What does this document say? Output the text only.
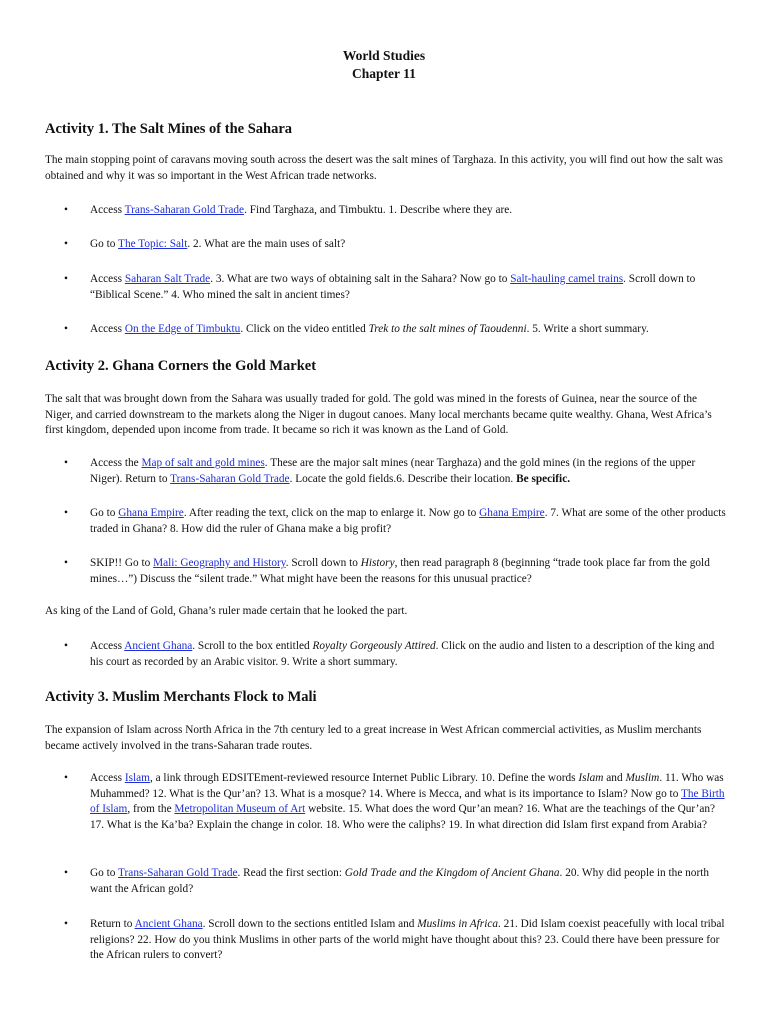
World Studies
Chapter 11
Activity 1. The Salt Mines of the Sahara
The main stopping point of caravans moving south across the desert was the salt mines of Targhaza. In this activity, you will find out how the salt was obtained and why it was so important in the West African trade networks.
• Access Trans-Saharan Gold Trade. Find Targhaza, and Timbuktu. 1. Describe where they are.
• Go to The Topic: Salt. 2. What are the main uses of salt?
• Access Saharan Salt Trade. 3. What are two ways of obtaining salt in the Sahara? Now go to Salt-hauling camel trains. Scroll down to “Biblical Scene.” 4. Who mined the salt in ancient times?
• Access On the Edge of Timbuktu. Click on the video entitled Trek to the salt mines of Taoudenni. 5. Write a short summary.
Activity 2. Ghana Corners the Gold Market
The salt that was brought down from the Sahara was usually traded for gold. The gold was mined in the forests of Guinea, near the source of the Niger, and carried downstream to the markets along the Niger in dugout canoes. Many local merchants became quite wealthy. Ghana, West Africa’s first kingdom, depended upon income from trade. It became so rich it was known as the Land of Gold.
• Access the Map of salt and gold mines. These are the major salt mines (near Targhaza) and the gold mines (in the regions of the upper Niger). Return to Trans-Saharan Gold Trade. Locate the gold fields.6. Describe their location. Be specific.
• Go to Ghana Empire. After reading the text, click on the map to enlarge it. Now go to Ghana Empire. 7. What are some of the other products traded in Ghana? 8. How did the ruler of Ghana make a big profit?
• SKIP!! Go to Mali: Geography and History. Scroll down to History, then read paragraph 8 (beginning “trade took place far from the gold mines…”) Discuss the “silent trade.” What might have been the reasons for this unusual practice?
As king of the Land of Gold, Ghana’s ruler made certain that he looked the part.
• Access Ancient Ghana. Scroll to the box entitled Royalty Gorgeously Attired. Click on the audio and listen to a description of the king and his court as recorded by an Arabic visitor. 9. Write a short summary.
Activity 3. Muslim Merchants Flock to Mali
The expansion of Islam across North Africa in the 7th century led to a great increase in West African commercial activities, as Muslim merchants became actively involved in the trans-Saharan trade routes.
• Access Islam, a link through EDSITEment-reviewed resource Internet Public Library. 10. Define the words Islam and Muslim. 11. Who was Muhammed? 12. What is the Qur’an? 13. What is a mosque? 14. Where is Mecca, and what is its importance to Islam? Now go to The Birth of Islam, from the Metropolitan Museum of Art website. 15. What does the word Qur’an mean? 16. What are the teachings of the Qur’an? 17. What is the Ka’ba? Explain the change in color. 18. Who were the caliphs? 19. In what direction did Islam first expand from Arabia?
• Go to Trans-Saharan Gold Trade. Read the first section: Gold Trade and the Kingdom of Ancient Ghana. 20. Why did people in the north want the African gold?
• Return to Ancient Ghana. Scroll down to the sections entitled Islam and Muslims in Africa. 21. Did Islam coexist peacefully with local tribal religions? 22. How do you think Muslims in other parts of the world might have thought about this? 23. Could there have been pressure for the African rulers to convert?
